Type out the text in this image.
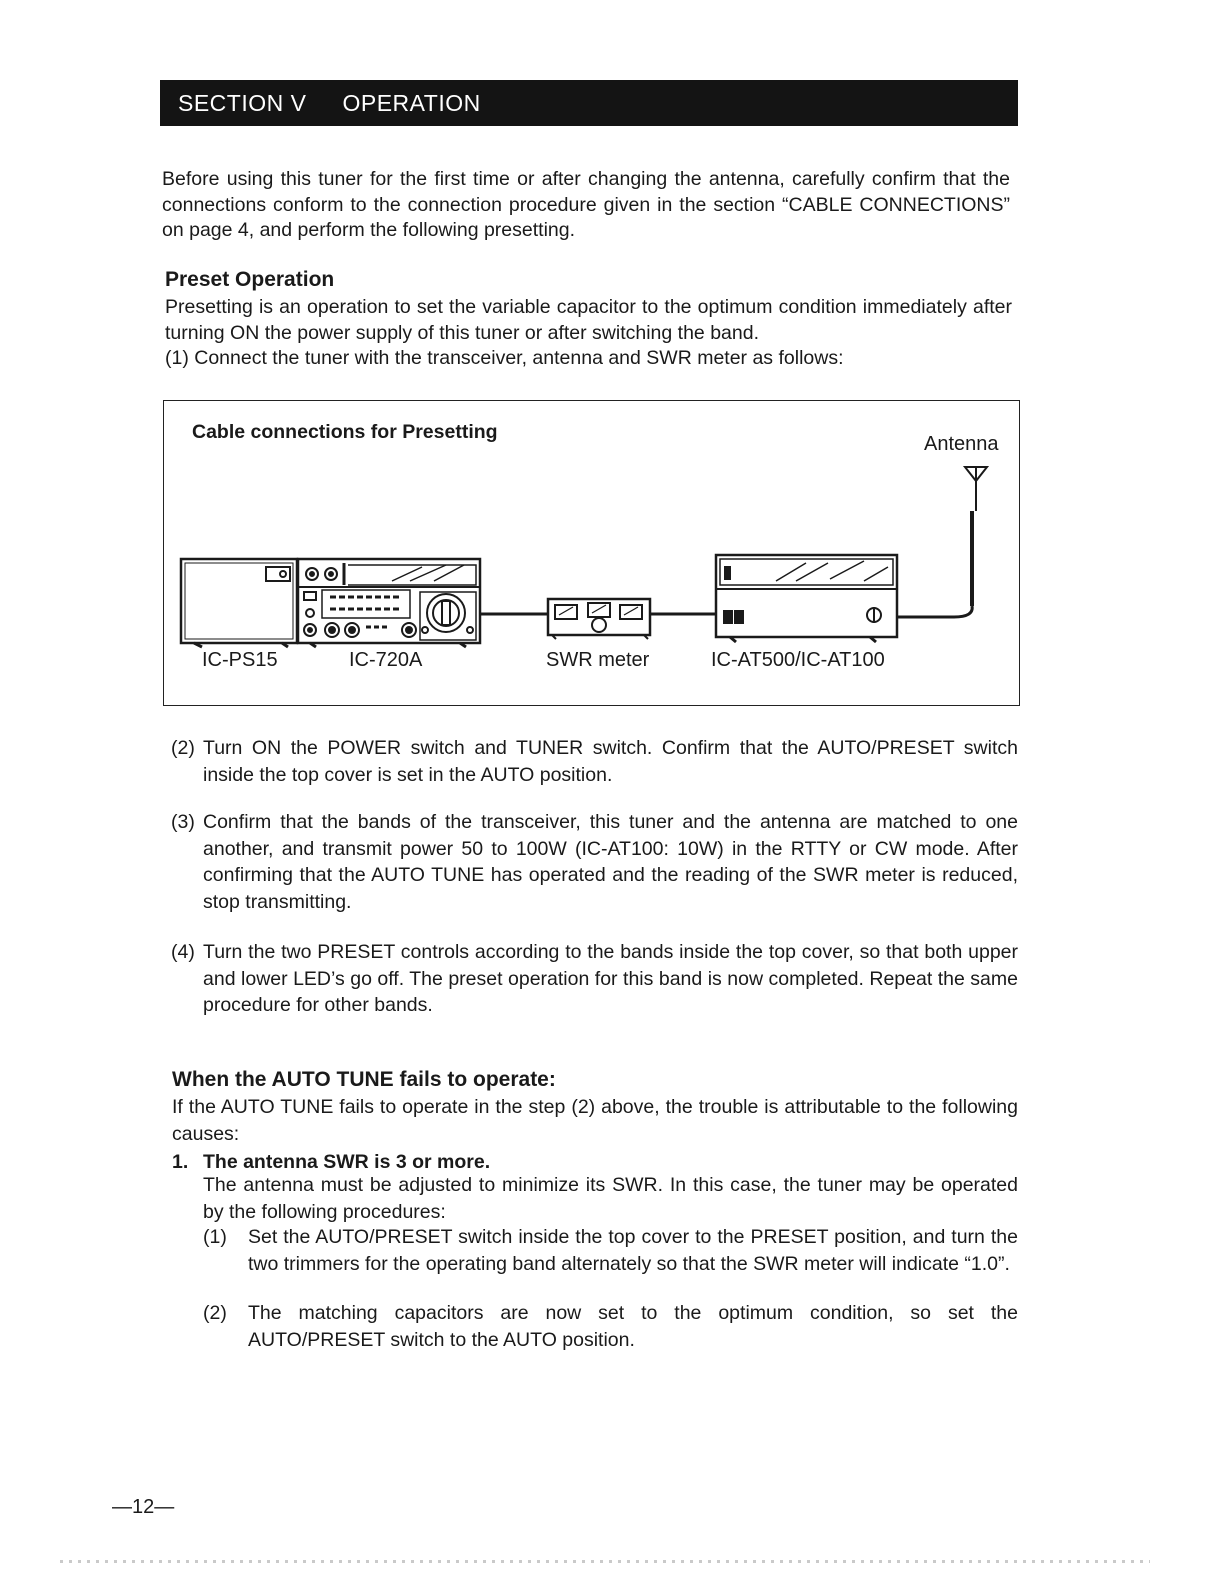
SECTION V OPERATION

Before using this tuner for the first time or after changing the antenna, carefully confirm that the connections conform to the connection procedure given in the section “CABLE CONNECTIONS” on page 4, and perform the following presetting.

Preset Operation

Presetting is an operation to set the variable capacitor to the optimum condition immediately after turning ON the power supply of this tuner or after switching the band.

(1) Connect the tuner with the transceiver, antenna and SWR meter as follows:

Cable connections for Presetting
Antenna
IC-PS15	IC-720A	SWR meter	IC-AT500/IC-AT100
(2) Turn ON the POWER switch and TUNER switch. Confirm that the AUTO/PRESET switch inside the top cover is set in the AUTO position.
(3) Confirm that the bands of the transceiver, this tuner and the antenna are matched to one another, and transmit power 50 to 100W (IC-AT100: 10W) in the RTTY or CW mode. After confirming that the AUTO TUNE has operated and the reading of the SWR meter is reduced, stop transmitting.
(4) Turn the two PRESET controls according to the bands inside the top cover, so that both upper and lower LED’s go off. The preset operation for this band is now completed. Repeat the same procedure for other bands.
When the AUTO TUNE fails to operate:

If the AUTO TUNE fails to operate in the step (2) above, the trouble is attributable to the following causes:

1. The antenna SWR is 3 or more.

The antenna must be adjusted to minimize its SWR. In this case, the tuner may be operated by the following procedures:

(1)	Set the AUTO/PRESET switch inside the top cover to the PRESET position, and turn the two trimmers for the operating band alternately so that the SWR meter will indicate “1.0”.
(2)	The matching capacitors are now set to the optimum condition, so set the AUTO/PRESET switch to the AUTO position.
—12—
